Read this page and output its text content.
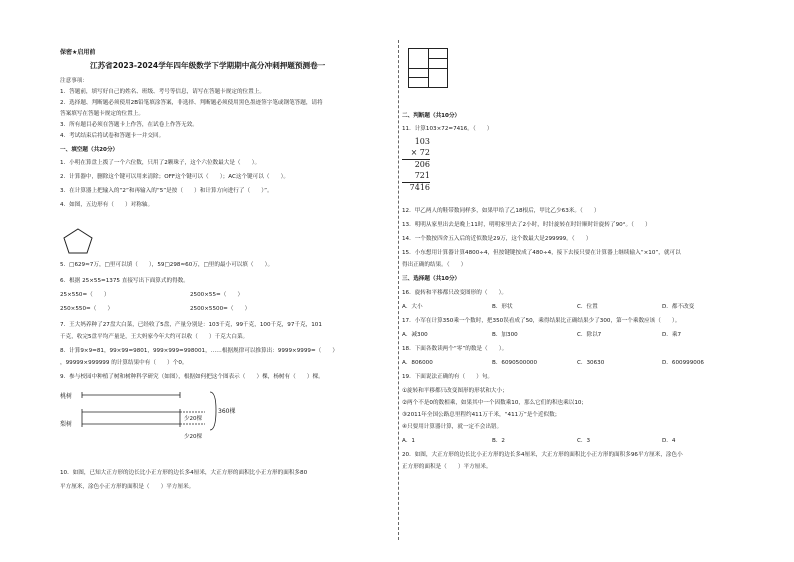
保密★启用前
江苏省2023-2024学年四年级数学下学期期中高分冲刺押题预测卷一
注意事项：
1．答题前，填写好自己的姓名、班级、考号等信息，请写在答题卡规定的位置上。
2．选择题、判断题必须使用2B铅笔填涂答案，非选择、判断题必须使用黑色墨迹签字笔或钢笔答题，请将
答案填写在答题卡规定的位置上。
3．所有题目必须在答题卡上作答，在试卷上作答无效。
4．考试结束后将试卷和答题卡一并交回。
一、填空题（共20分）
1．小明在算盘上拨了一个六位数，只用了2颗珠子，这个六位数最大是（　　）。
2．计算器中，删除这个键可以用来清除；OFF这个键可以（　　）；AC这个键可以（　　）。
3．在计算器上把输入的“2”和再输入的“5”是按（　　）和计算方向进行了（　　）”。
4．如图，五边形有（　　）对称轴。
5．□629≈7万，□里可以填（　　），59□298≈60万，□里的最小可以填（　　）。
6．根据 25×55=1375 直接写出下面算式的得数。
25×550=（　　）	2500×55=（　　）
250×550=（　　）	2500×5500=（　　）
7．王大妈养种了27盘大白菜，已经收了5盘，产量分别是：103千克，99千克，100千克，97千克，101
千克，收完5盘平均产量是，王大妈家今年大约可以收（　　）千克大白菜。
8．计算9×9=81，99×99=9801，999×999=998001，……根据规律可以推算出：9999×9999=（　　）
，99999×999999 的计算结果中有（　　）个0。
9．参与校园中种植了树和树种科学研究（如图），根据如何把这个图表示（　　）棵，杨树有（　　）棵。
桃树
梨树
少20棵
少20棵
360棵
10．如图，已知大正方形的边长比小正方形的边长多4厘米，大正方形的面积比小正方形的面积多80
平方厘米，涂色小正方形的面积是（　　）平方厘米。
二、判断题（共10分）
11．计算103×72=7416。（　　）
103
× 72
206
721
7416
12．甲乙两人的鞋带数同样多，如果甲给了乙18根后，甲比乙少63米。（　　）
13．明明从家里出去是晚上11时，明明家里去了2小时，时针旋转在时针顺时针旋转了90°。（　　）
14．一个数按四舍五入后的近似数是29万，这个数最大是299999。（　　）
15．小东想用计算器计算4800÷4，但按键键按成了480÷4，接下去接只要在计算器上继续输入“×10”，就可以
得出正确的结果。（　　）
三、选择题（共10分）
16．旋转和平移都只改变图形的（　　）。
A．大小	B．形状	C．位置	D．都不改变
17．小军在计算350乘一个数时，把350误看成了50，乘得结果比正确结果少了300，第一个乘数应该（　　）。
A．减300	B．加300	C．除以7	D．乘7
18．下面各数读两个“零”的数是（　　）。
A．806000	B．6090500000	C．30630	D．600999006
19．下面说法正确的有（　　）句。
①旋转和平移都只改变图形的形状和大小；
②两个不是0的数相乘，如果其中一个因数乘10，那么它们的积也乘以10；
③2011年全国公路总里程约411万千米，“411万”是个近似数；
④只要用计算器计算，就一定不会出错。
A．1	B．2	C．3	D．4
20．如图，大正方形的边长比小正方形的边长多4厘米，大正方形的面积比小正方形的面积多96平方厘米，涂色小
正方形的面积是（　　）平方厘米。
